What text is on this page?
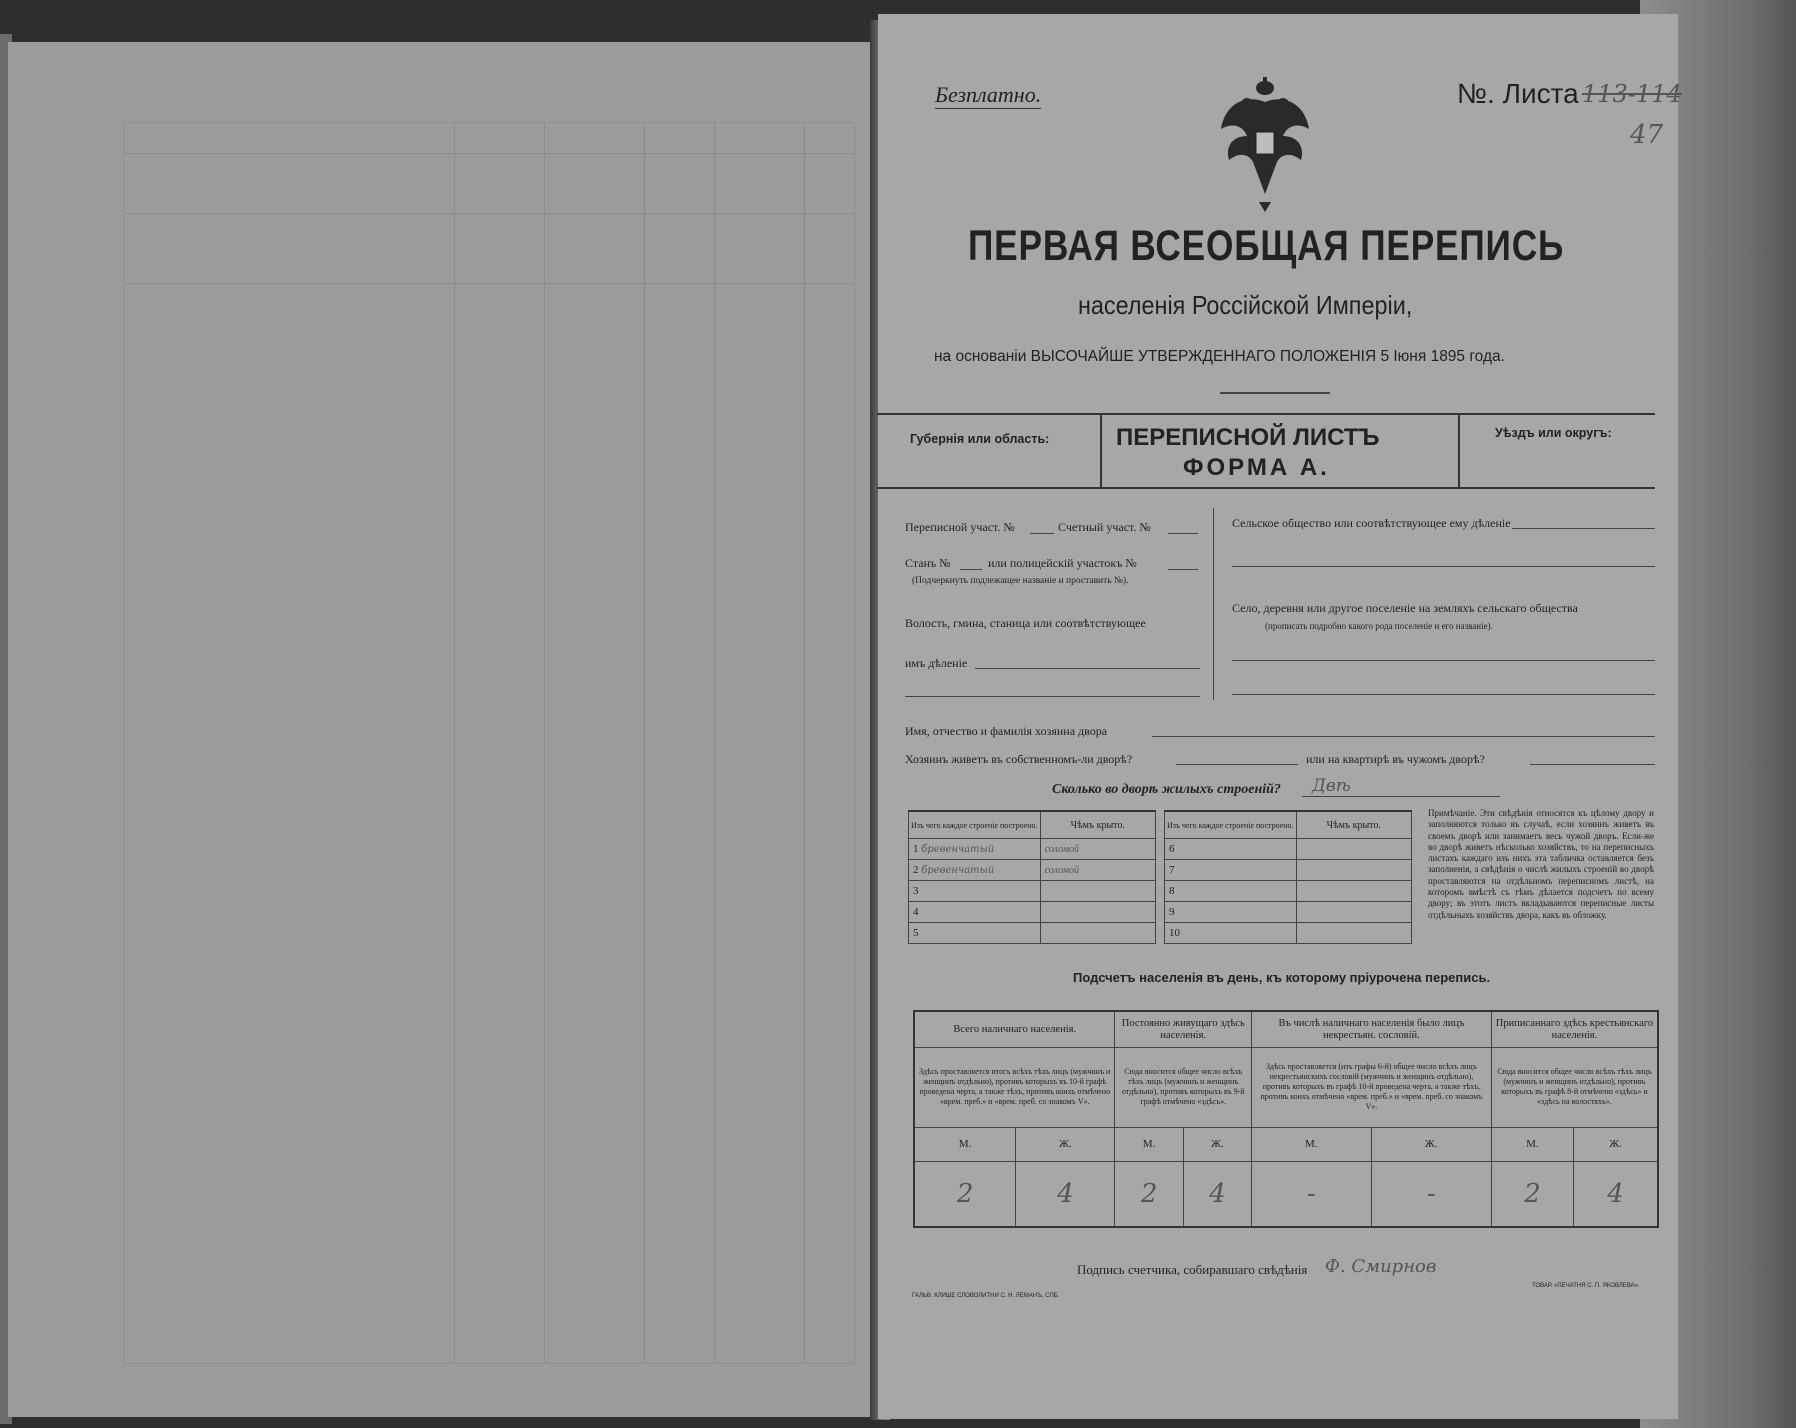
Безплатно.	№. Листа 113-114
47
ПЕРВАЯ ВСЕОБЩАЯ ПЕРЕПИСЬ
населенія Россійской Имперіи,
на основаніи ВЫСОЧАЙШЕ УТВЕРЖДЕННАГО ПОЛОЖЕНІЯ 5 Іюня 1895 года.
Губернія или область:	ПЕРЕПИСНОЙ ЛИСТЪ
ФОРМА А.
Уѣздъ или округъ:
Переписной участ. №	Счетный участ. №
Станъ №	или полицейскій участокъ №
(Подчеркнуть подлежащее названіе и проставить №).
Волость, гмина, станица или соотвѣтствующее
имъ дѣленіе
Сельское общество или соотвѣтствующее ему дѣленіе
Село, деревня или другое поселеніе на земляхъ сельскаго общества
(прописать подробно какого рода поселеніе и его названіе).
Имя, отчество и фамилія хозяина двора
Хозяинъ живетъ въ собственномъ-ли дворѣ?	или на квартирѣ въ чужомъ дворѣ?
Сколько во дворѣ жилыхъ строеній? Двѣ
Изъ чего каждое строеніе построено.	Чѣмъ крыто.
1 бревенчатый	соломой
2 бревенчатый	соломой
3	
4	
5	
Изъ чего каждое строеніе построено.	Чѣмъ крыто.
6	
7	
8	
9	
10	
Примѣчаніе. Эти свѣдѣнія относятся къ цѣлому двору и заполняются только въ случаѣ, если хозяинъ живетъ въ своемъ дворѣ или занимаетъ весь чужой дворъ. Если-же во дворѣ живетъ нѣсколько хозяйствъ, то на переписныхъ листахъ каждаго изъ нихъ эта табличка оставляется безъ заполненія, а свѣдѣнія о числѣ жилыхъ строеній во дворѣ проставляются на отдѣльномъ переписномъ листѣ, на которомъ вмѣстѣ съ тѣмъ дѣлается подсчетъ по всему двору; въ этотъ листъ вкладываются переписные листы отдѣльныхъ хозяйствъ двора, какъ въ обложку.
Подсчетъ населенія въ день, къ которому пріурочена перепись.
Всего наличнаго населенія.		Постоянно живущаго здѣсь населенія.		Въ числѣ наличнаго населенія было лицъ некрестьян. сословій.		Приписаннаго здѣсь крестьянскаго населенія.	
Здѣсь проставляется итогъ всѣхъ тѣхъ лицъ (мужчинъ и женщинъ отдѣльно), противъ которыхъ въ 10-й графѣ проведена черта, а также тѣхъ, противъ коихъ отмѣчено «врем. преб.» и «врем. преб. со знакомъ V».		Сюда вносится общее число всѣхъ тѣхъ лицъ (мужчинъ и женщинъ отдѣльно), противъ которыхъ въ 9-й графѣ отмѣчено «здѣсь».		Здѣсь проставляется (изъ графы 6-й) общее число всѣхъ лицъ некрестьянскихъ сословій (мужчинъ и женщинъ отдѣльно), противъ которыхъ въ графѣ 10-й проведена черта, а также тѣхъ, противъ коихъ отмѣчено «врем. преб.» и «врем. преб. со знакомъ V».		Сюда вносится общее число всѣхъ тѣхъ лицъ (мужчинъ и женщинъ отдѣльно), противъ которыхъ въ графѣ 8-й отмѣчено «здѣсь» и «здѣсь на волостяхъ».	
М.	Ж.	М.	Ж.	М.	Ж.	М.	Ж.
2	4	2	4	-	-	2	4
Подпись счетчика, собиравшаго свѣдѣнія Ф. Смирнов
ГАЛЬВ. КЛИШЕ СЛОВОЛИТНИ С. Н. ЛЕМАНЪ, СПБ.
ТОВАР. «ПЕЧАТНЯ С. П. ЯКОВЛЕВА».
